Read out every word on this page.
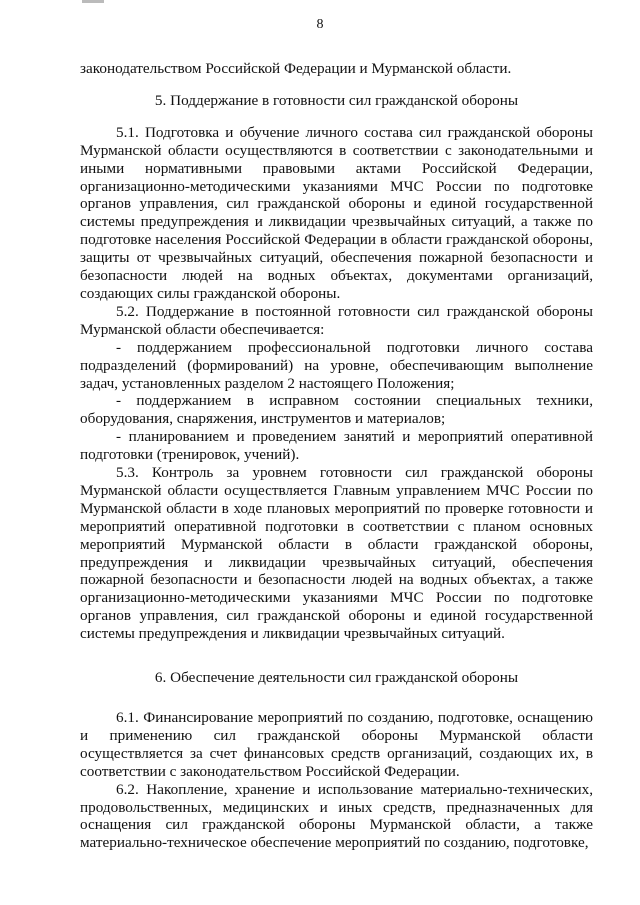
8

законодательством Российской Федерации и Мурманской области.

5. Поддержание в готовности сил гражданской обороны

5.1. Подготовка и обучение личного состава сил гражданской обороны Мурманской области осуществляются в соответствии с законодательными и иными нормативными правовыми актами Российской Федерации, организационно-методическими указаниями МЧС России по подготовке органов управления, сил гражданской обороны и единой государственной системы предупреждения и ликвидации чрезвычайных ситуаций, а также по подготовке населения Российской Федерации в области гражданской обороны, защиты от чрезвычайных ситуаций, обеспечения пожарной безопасности и безопасности людей на водных объектах, документами организаций, создающих силы гражданской обороны.

5.2. Поддержание в постоянной готовности сил гражданской обороны Мурманской области обеспечивается:

- поддержанием профессиональной подготовки личного состава подразделений (формирований) на уровне, обеспечивающим выполнение задач, установленных разделом 2 настоящего Положения;

- поддержанием в исправном состоянии специальных техники, оборудования, снаряжения, инструментов и материалов;

- планированием и проведением занятий и мероприятий оперативной подготовки (тренировок, учений).

5.3. Контроль за уровнем готовности сил гражданской обороны Мурманской области осуществляется Главным управлением МЧС России по Мурманской области в ходе плановых мероприятий по проверке готовности и мероприятий оперативной подготовки в соответствии с планом основных мероприятий Мурманской области в области гражданской обороны, предупреждения и ликвидации чрезвычайных ситуаций, обеспечения пожарной безопасности и безопасности людей на водных объектах, а также организационно-методическими указаниями МЧС России по подготовке органов управления, сил гражданской обороны и единой государственной системы предупреждения и ликвидации чрезвычайных ситуаций.

6. Обеспечение деятельности сил гражданской обороны

6.1. Финансирование мероприятий по созданию, подготовке, оснащению и применению сил гражданской обороны Мурманской области осуществляется за счет финансовых средств организаций, создающих их, в соответствии с законодательством Российской Федерации.

6.2. Накопление, хранение и использование материально-технических, продовольственных, медицинских и иных средств, предназначенных для оснащения сил гражданской обороны Мурманской области, а также материально-техническое обеспечение мероприятий по созданию, подготовке,
